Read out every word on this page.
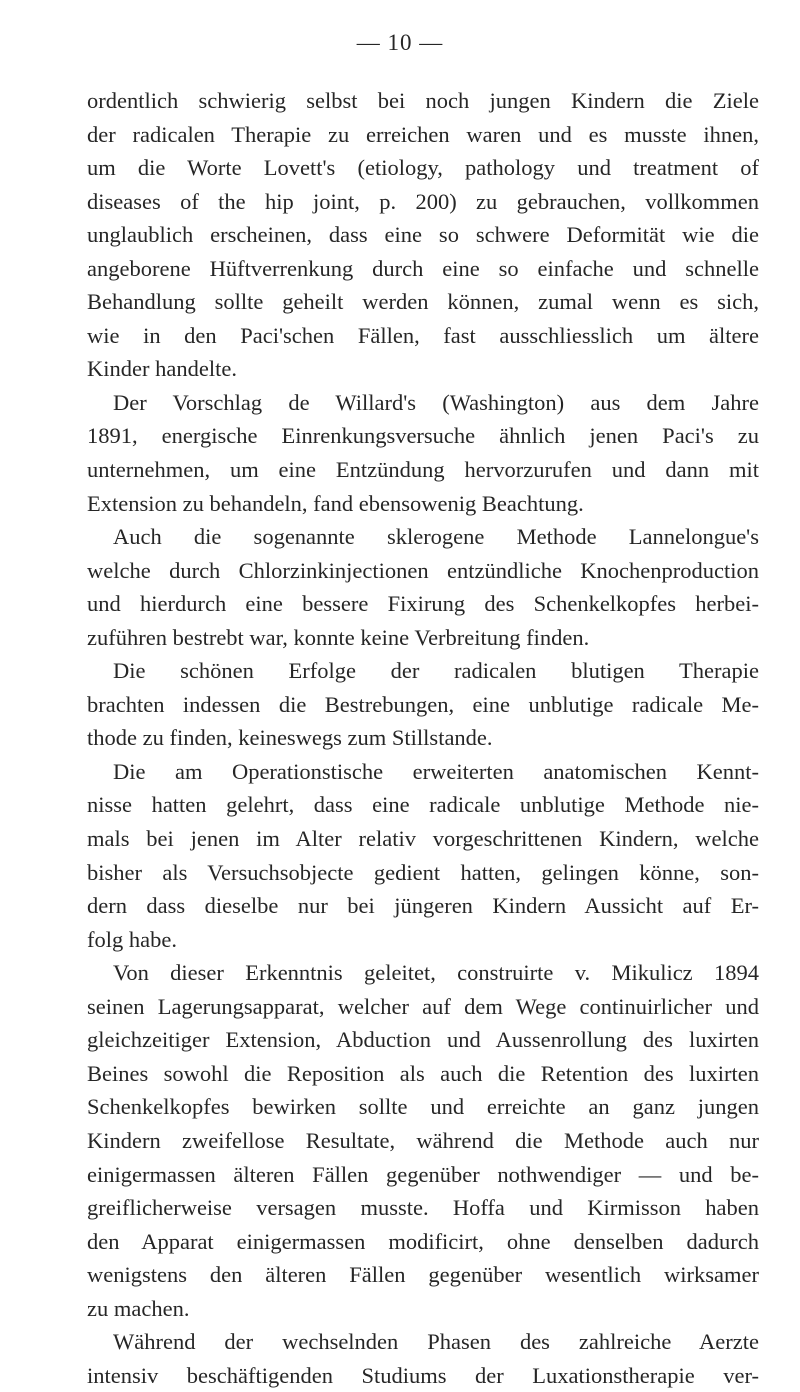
— 10 —
ordentlich schwierig selbst bei noch jungen Kindern die Ziele
der radicalen Therapie zu erreichen waren und es musste ihnen,
um die Worte Lovett's (etiology, pathology und treatment of
diseases of the hip joint, p. 200) zu gebrauchen, vollkommen
unglaublich erscheinen, dass eine so schwere Deformität wie die
angeborene Hüftverrenkung durch eine so einfache und schnelle
Behandlung sollte geheilt werden können, zumal wenn es sich,
wie in den Paci'schen Fällen, fast ausschliesslich um ältere
Kinder handelte.
Der Vorschlag de Willard's (Washington) aus dem Jahre
1891, energische Einrenkungsversuche ähnlich jenen Paci's zu
unternehmen, um eine Entzündung hervorzurufen und dann mit
Extension zu behandeln, fand ebensowenig Beachtung.
Auch die sogenannte sklerogene Methode Lannelongue's
welche durch Chlorzinkinjectionen entzündliche Knochenproduction
und hierdurch eine bessere Fixirung des Schenkelkopfes herbei-
zuführen bestrebt war, konnte keine Verbreitung finden.
Die schönen Erfolge der radicalen blutigen Therapie
brachten indessen die Bestrebungen, eine unblutige radicale Me-
thode zu finden, keineswegs zum Stillstande.
Die am Operationstische erweiterten anatomischen Kennt-
nisse hatten gelehrt, dass eine radicale unblutige Methode nie-
mals bei jenen im Alter relativ vorgeschrittenen Kindern, welche
bisher als Versuchsobjecte gedient hatten, gelingen könne, son-
dern dass dieselbe nur bei jüngeren Kindern Aussicht auf Er-
folg habe.
Von dieser Erkenntnis geleitet, construirte v. Mikulicz 1894
seinen Lagerungsapparat, welcher auf dem Wege continuirlicher und
gleichzeitiger Extension, Abduction und Aussenrollung des luxirten
Beines sowohl die Reposition als auch die Retention des luxirten
Schenkelkopfes bewirken sollte und erreichte an ganz jungen
Kindern zweifellose Resultate, während die Methode auch nur
einigermassen älteren Fällen gegenüber nothwendiger — und be-
greiflicherweise versagen musste. Hoffa und Kirmisson haben
den Apparat einigermassen modificirt, ohne denselben dadurch
wenigstens den älteren Fällen gegenüber wesentlich wirksamer
zu machen.
Während der wechselnden Phasen des zahlreiche Aerzte
intensiv beschäftigenden Studiums der Luxationstherapie ver-
